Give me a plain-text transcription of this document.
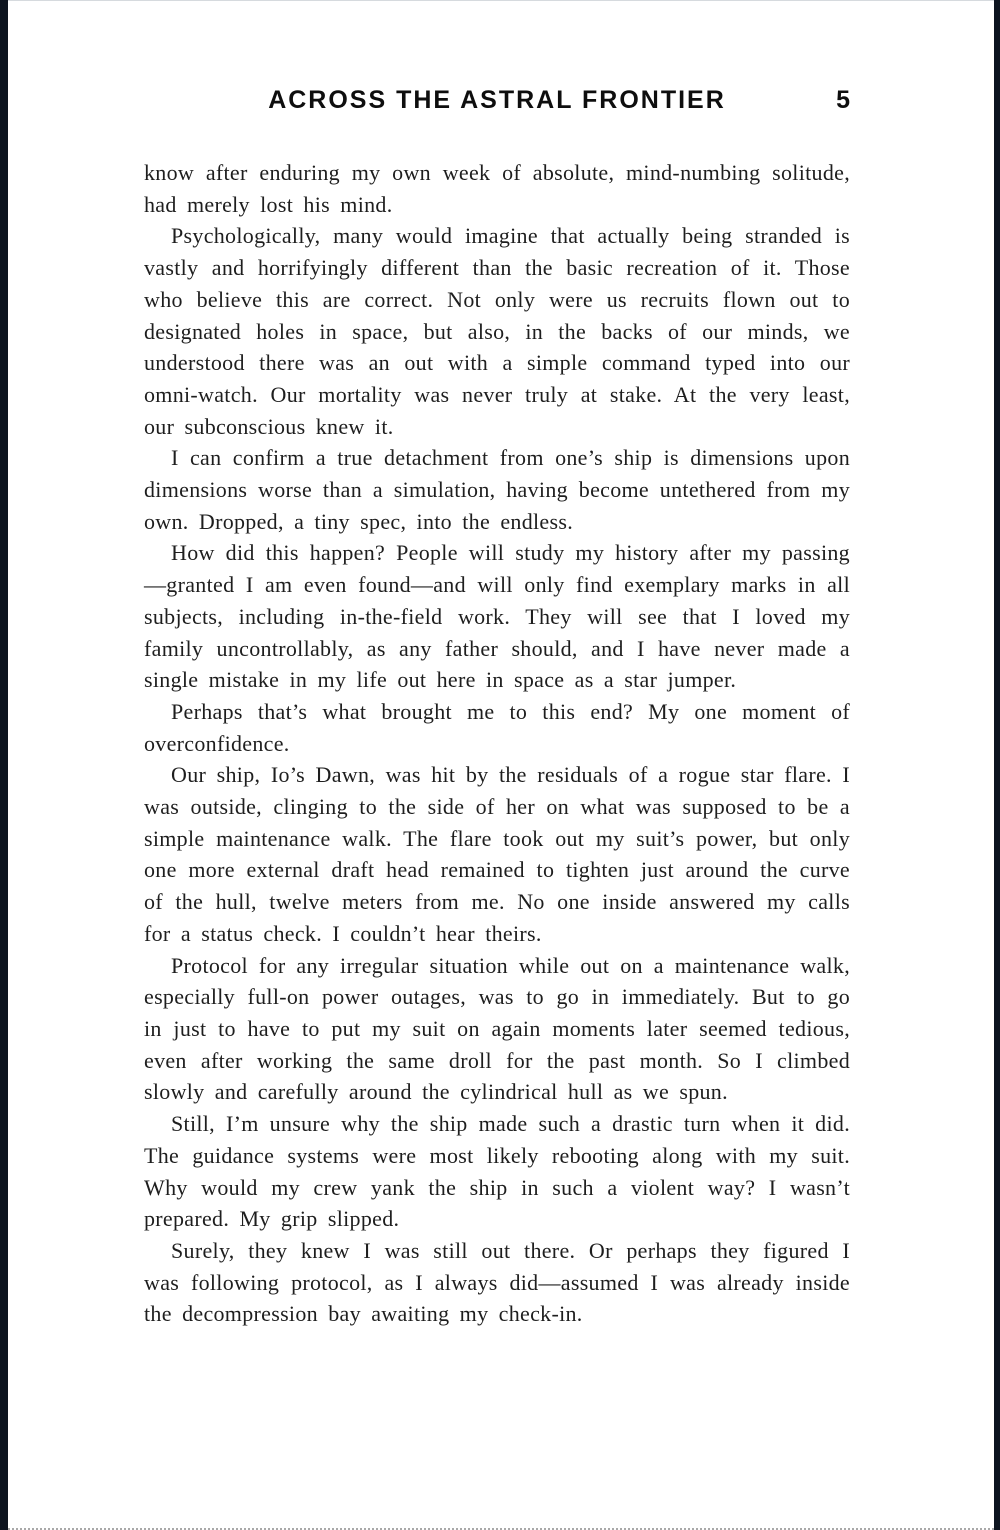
ACROSS THE ASTRAL FRONTIER	5

know after enduring my own week of absolute, mind-numbing solitude, had merely lost his mind.

Psychologically, many would imagine that actually being stranded is vastly and horrifyingly different than the basic recreation of it. Those who believe this are correct. Not only were us recruits flown out to designated holes in space, but also, in the backs of our minds, we understood there was an out with a simple command typed into our omni-watch. Our mortality was never truly at stake. At the very least, our subconscious knew it.

I can confirm a true detachment from one’s ship is dimensions upon dimensions worse than a simulation, having become untethered from my own. Dropped, a tiny spec, into the endless.

How did this happen? People will study my history after my passing—granted I am even found—and will only find exemplary marks in all subjects, including in-the-field work. They will see that I loved my family uncontrollably, as any father should, and I have never made a single mistake in my life out here in space as a star jumper.

Perhaps that’s what brought me to this end? My one moment of overconfidence.

Our ship, Io’s Dawn, was hit by the residuals of a rogue star flare. I was outside, clinging to the side of her on what was supposed to be a simple maintenance walk. The flare took out my suit’s power, but only one more external draft head remained to tighten just around the curve of the hull, twelve meters from me. No one inside answered my calls for a status check. I couldn’t hear theirs.

Protocol for any irregular situation while out on a maintenance walk, especially full-on power outages, was to go in immediately. But to go in just to have to put my suit on again moments later seemed tedious, even after working the same droll for the past month. So I climbed slowly and carefully around the cylindrical hull as we spun.

Still, I’m unsure why the ship made such a drastic turn when it did. The guidance systems were most likely rebooting along with my suit. Why would my crew yank the ship in such a violent way? I wasn’t prepared. My grip slipped.

Surely, they knew I was still out there. Or perhaps they figured I was following protocol, as I always did—assumed I was already inside the decompression bay awaiting my check-in.
